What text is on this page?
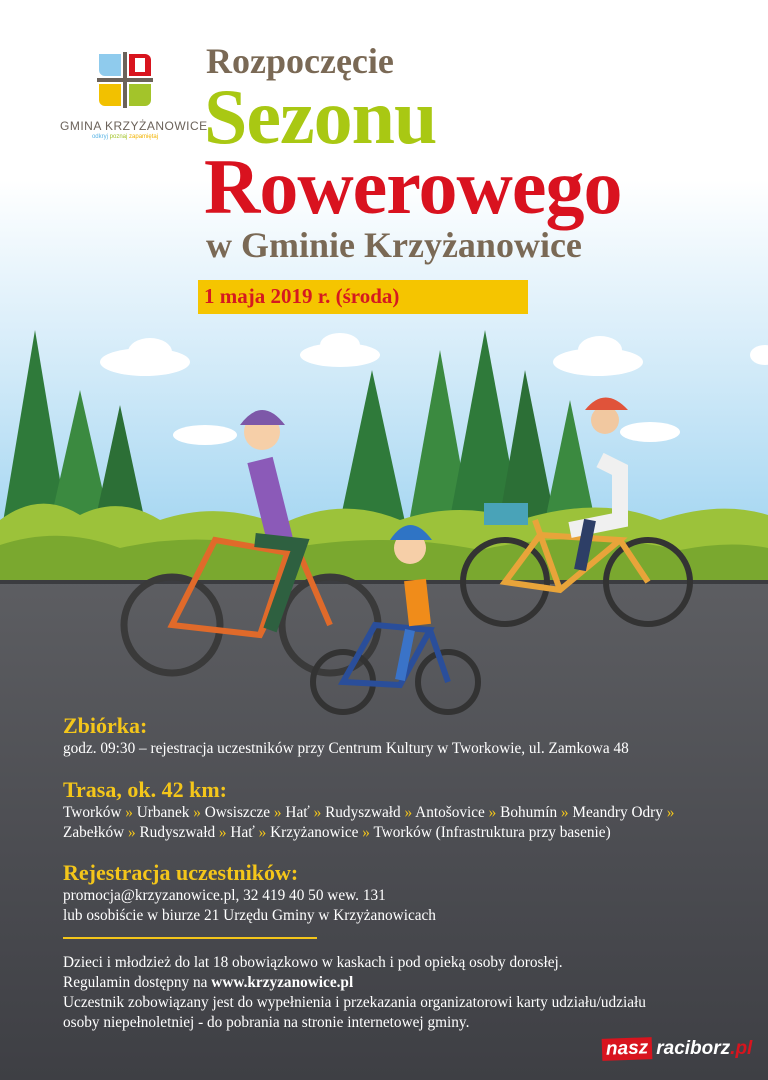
GMINA KRZYŻANOWICE
odkryj poznaj zapamiętaj
Rozpoczęcie
Sezonu
Rowerowego
w Gminie Krzyżanowice
1 maja 2019 r. (środa)
Zbiórka:
godz. 09:30 – rejestracja uczestników przy Centrum Kultury w Tworkowie, ul. Zamkowa 48
Trasa, ok. 42 km:
Tworków » Urbanek » Owsiszcze » Hať » Rudyszwałd » Antošovice » Bohumín » Meandry Odry »
Zabełków » Rudyszwałd » Hať » Krzyżanowice » Tworków (Infrastruktura przy basenie)
Rejestracja uczestników:
promocja@krzyzanowice.pl, 32 419 40 50 wew. 131
lub osobiście w biurze 21 Urzędu Gminy w Krzyżanowicach
Dzieci i młodzież do lat 18 obowiązkowo w kaskach i pod opieką osoby dorosłej.
Regulamin dostępny na www.krzyzanowice.pl
Uczestnik zobowiązany jest do wypełnienia i przekazania organizatorowi karty udziału/udziału
osoby niepełnoletniej - do pobrania na stronie internetowej gminy.
nasz raciborz .pl
